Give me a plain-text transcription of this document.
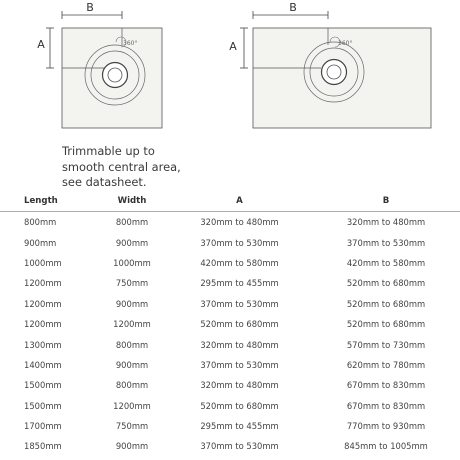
B
A	360°
B
A	360°
Trimmable up to
smooth central area,
see datasheet.
Length	Width	A	B
800mm	800mm	320mm to 480mm	320mm to 480mm
900mm	900mm	370mm to 530mm	370mm to 530mm
1000mm	1000mm	420mm to 580mm	420mm to 580mm
1200mm	750mm	295mm to 455mm	520mm to 680mm
1200mm	900mm	370mm to 530mm	520mm to 680mm
1200mm	1200mm	520mm to 680mm	520mm to 680mm
1300mm	800mm	320mm to 480mm	570mm to 730mm
1400mm	900mm	370mm to 530mm	620mm to 780mm
1500mm	800mm	320mm to 480mm	670mm to 830mm
1500mm	1200mm	520mm to 680mm	670mm to 830mm
1700mm	750mm	295mm to 455mm	770mm to 930mm
1850mm	900mm	370mm to 530mm	845mm to 1005mm
